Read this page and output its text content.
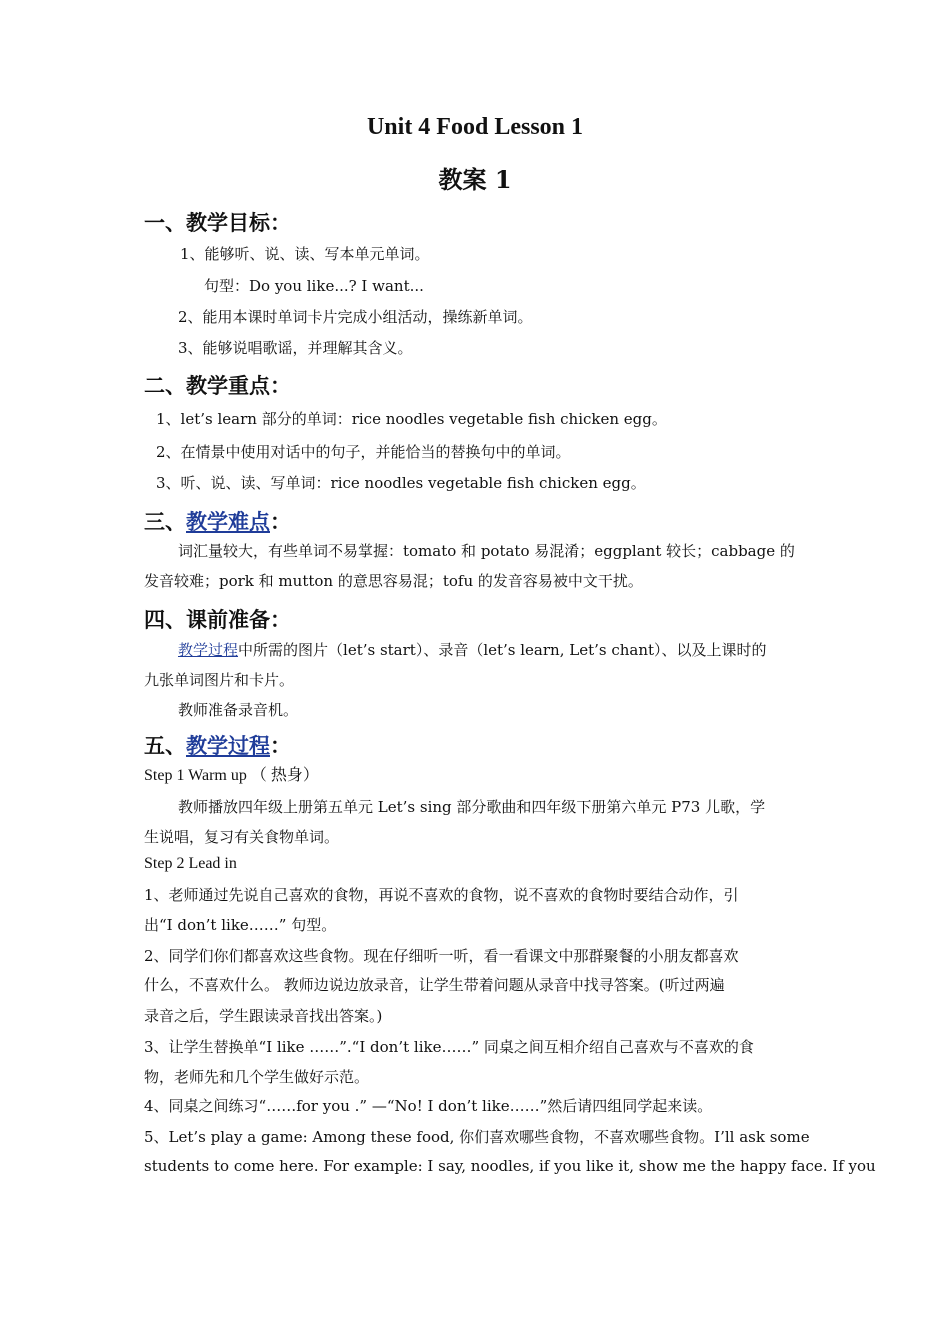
Unit 4 Food Lesson 1
教案 1
一、教学目标：
1、能够听、说、读、写本单元单词。
句型：Do you like...? I want...
2、能用本课时单词卡片完成小组活动，操练新单词。
3、能够说唱歌谣，并理解其含义。
二、教学重点：
1、let’s learn 部分的单词：rice noodles vegetable fish chicken egg。
2、在情景中使用对话中的句子，并能恰当的替换句中的单词。
3、听、说、读、写单词：rice noodles vegetable fish chicken egg。
三、教学难点：
词汇量较大，有些单词不易掌握：tomato 和 potato 易混淆；eggplant 较长；cabbage 的
发音较难；pork 和 mutton 的意思容易混；tofu 的发音容易被中文干扰。
四、课前准备：
教学过程中所需的图片（let’s start）、录音（let’s learn, Let’s chant）、以及上课时的
九张单词图片和卡片。
教师准备录音机。
五、教学过程：
Step 1 Warm up （ 热身）
教师播放四年级上册第五单元 Let’s sing 部分歌曲和四年级下册第六单元 P73 儿歌，学
生说唱，复习有关食物单词。
Step 2 Lead in
1、老师通过先说自己喜欢的食物，再说不喜欢的食物，说不喜欢的食物时要结合动作，引
出“I don’t like……” 句型。
2、同学们你们都喜欢这些食物。现在仔细听一听，看一看课文中那群聚餐的小朋友都喜欢
什么，不喜欢什么。 教师边说边放录音，让学生带着问题从录音中找寻答案。(听过两遍
录音之后，学生跟读录音找出答案。)
3、让学生替换单“I like ……”.“I don’t like……” 同桌之间互相介绍自己喜欢与不喜欢的食
物，老师先和几个学生做好示范。
4、同桌之间练习“……for you .” —“No! I don’t like……”然后请四组同学起来读。
5、Let’s play a game: Among these food, 你们喜欢哪些食物，不喜欢哪些食物。I’ll ask some
students to come here. For example: I say, noodles, if you like it, show me the happy face. If you
